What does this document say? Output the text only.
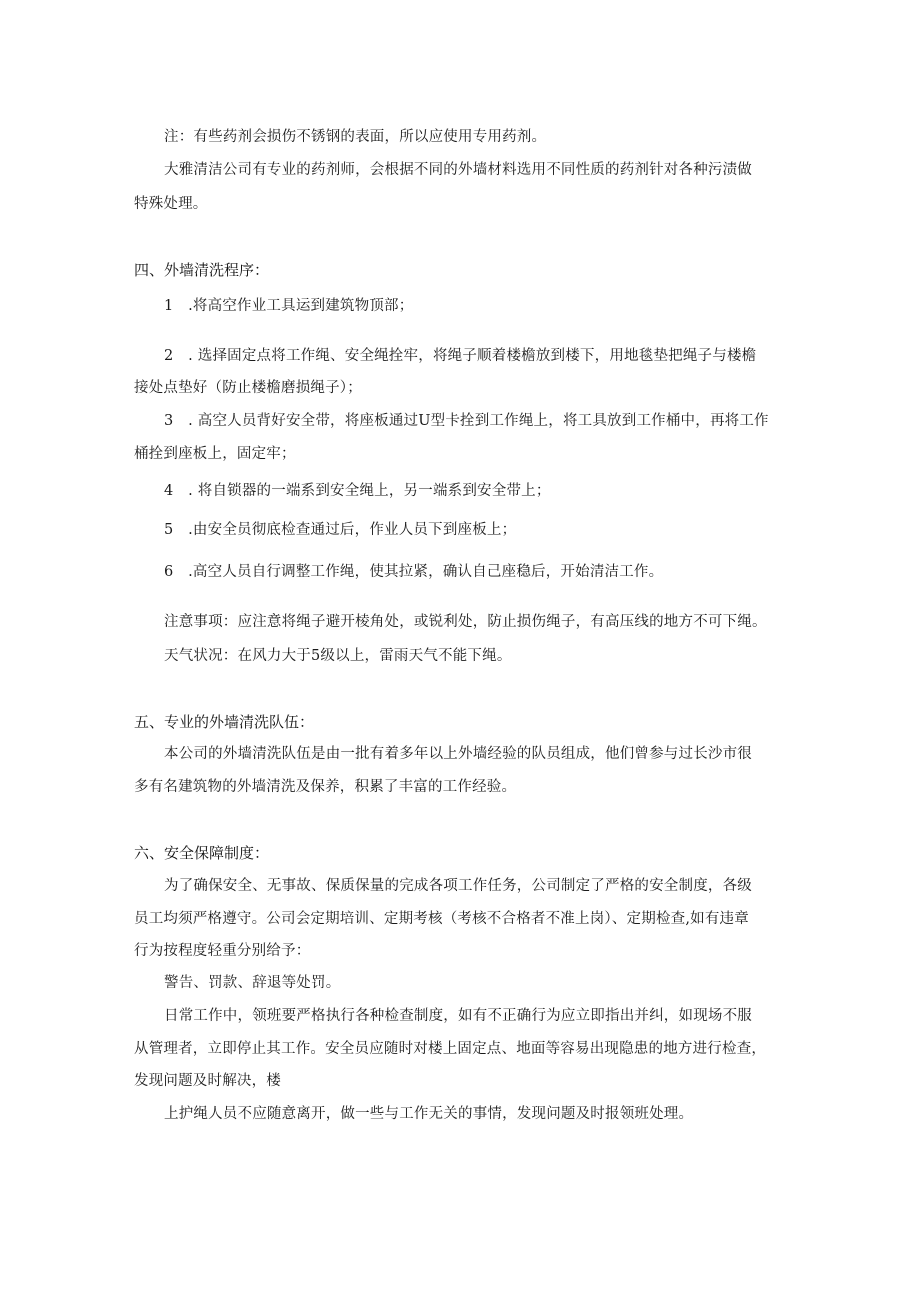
注：有些药剂会损伤不锈钢的表面，所以应使用专用药剂。
大雅清洁公司有专业的药剂师，会根据不同的外墙材料选用不同性质的药剂针对各种污渍做
特殊处理。
四、外墙清洗程序：
1　.将高空作业工具运到建筑物顶部；
2　. 选择固定点将工作绳、安全绳拴牢，将绳子顺着楼檐放到楼下，用地毯垫把绳子与楼檐
接处点垫好（防止楼檐磨损绳子）；
3　. 高空人员背好安全带，将座板通过U型卡拴到工作绳上，将工具放到工作桶中，再将工作
桶拴到座板上，固定牢；
4　. 将自锁器的一端系到安全绳上，另一端系到安全带上；
5　.由安全员彻底检查通过后，作业人员下到座板上；
6　.高空人员自行调整工作绳，使其拉紧，确认自己座稳后，开始清洁工作。
注意事项：应注意将绳子避开棱角处，或锐利处，防止损伤绳子，有高压线的地方不可下绳。
天气状况：在风力大于5级以上，雷雨天气不能下绳。
五、专业的外墙清洗队伍：
本公司的外墙清洗队伍是由一批有着多年以上外墙经验的队员组成，他们曾参与过长沙市很
多有名建筑物的外墙清洗及保养，积累了丰富的工作经验。
六、安全保障制度：
为了确保安全、无事故、保质保量的完成各项工作任务，公司制定了严格的安全制度，各级
员工均须严格遵守。公司会定期培训、定期考核（考核不合格者不准上岗）、定期检查,如有违章
行为按程度轻重分别给予：
警告、罚款、辞退等处罚。
日常工作中，领班要严格执行各种检查制度，如有不正确行为应立即指出并纠，如现场不服
从管理者，立即停止其工作。安全员应随时对楼上固定点、地面等容易出现隐患的地方进行检查，
发现问题及时解决，楼
上护绳人员不应随意离开，做一些与工作无关的事情，发现问题及时报领班处理。
